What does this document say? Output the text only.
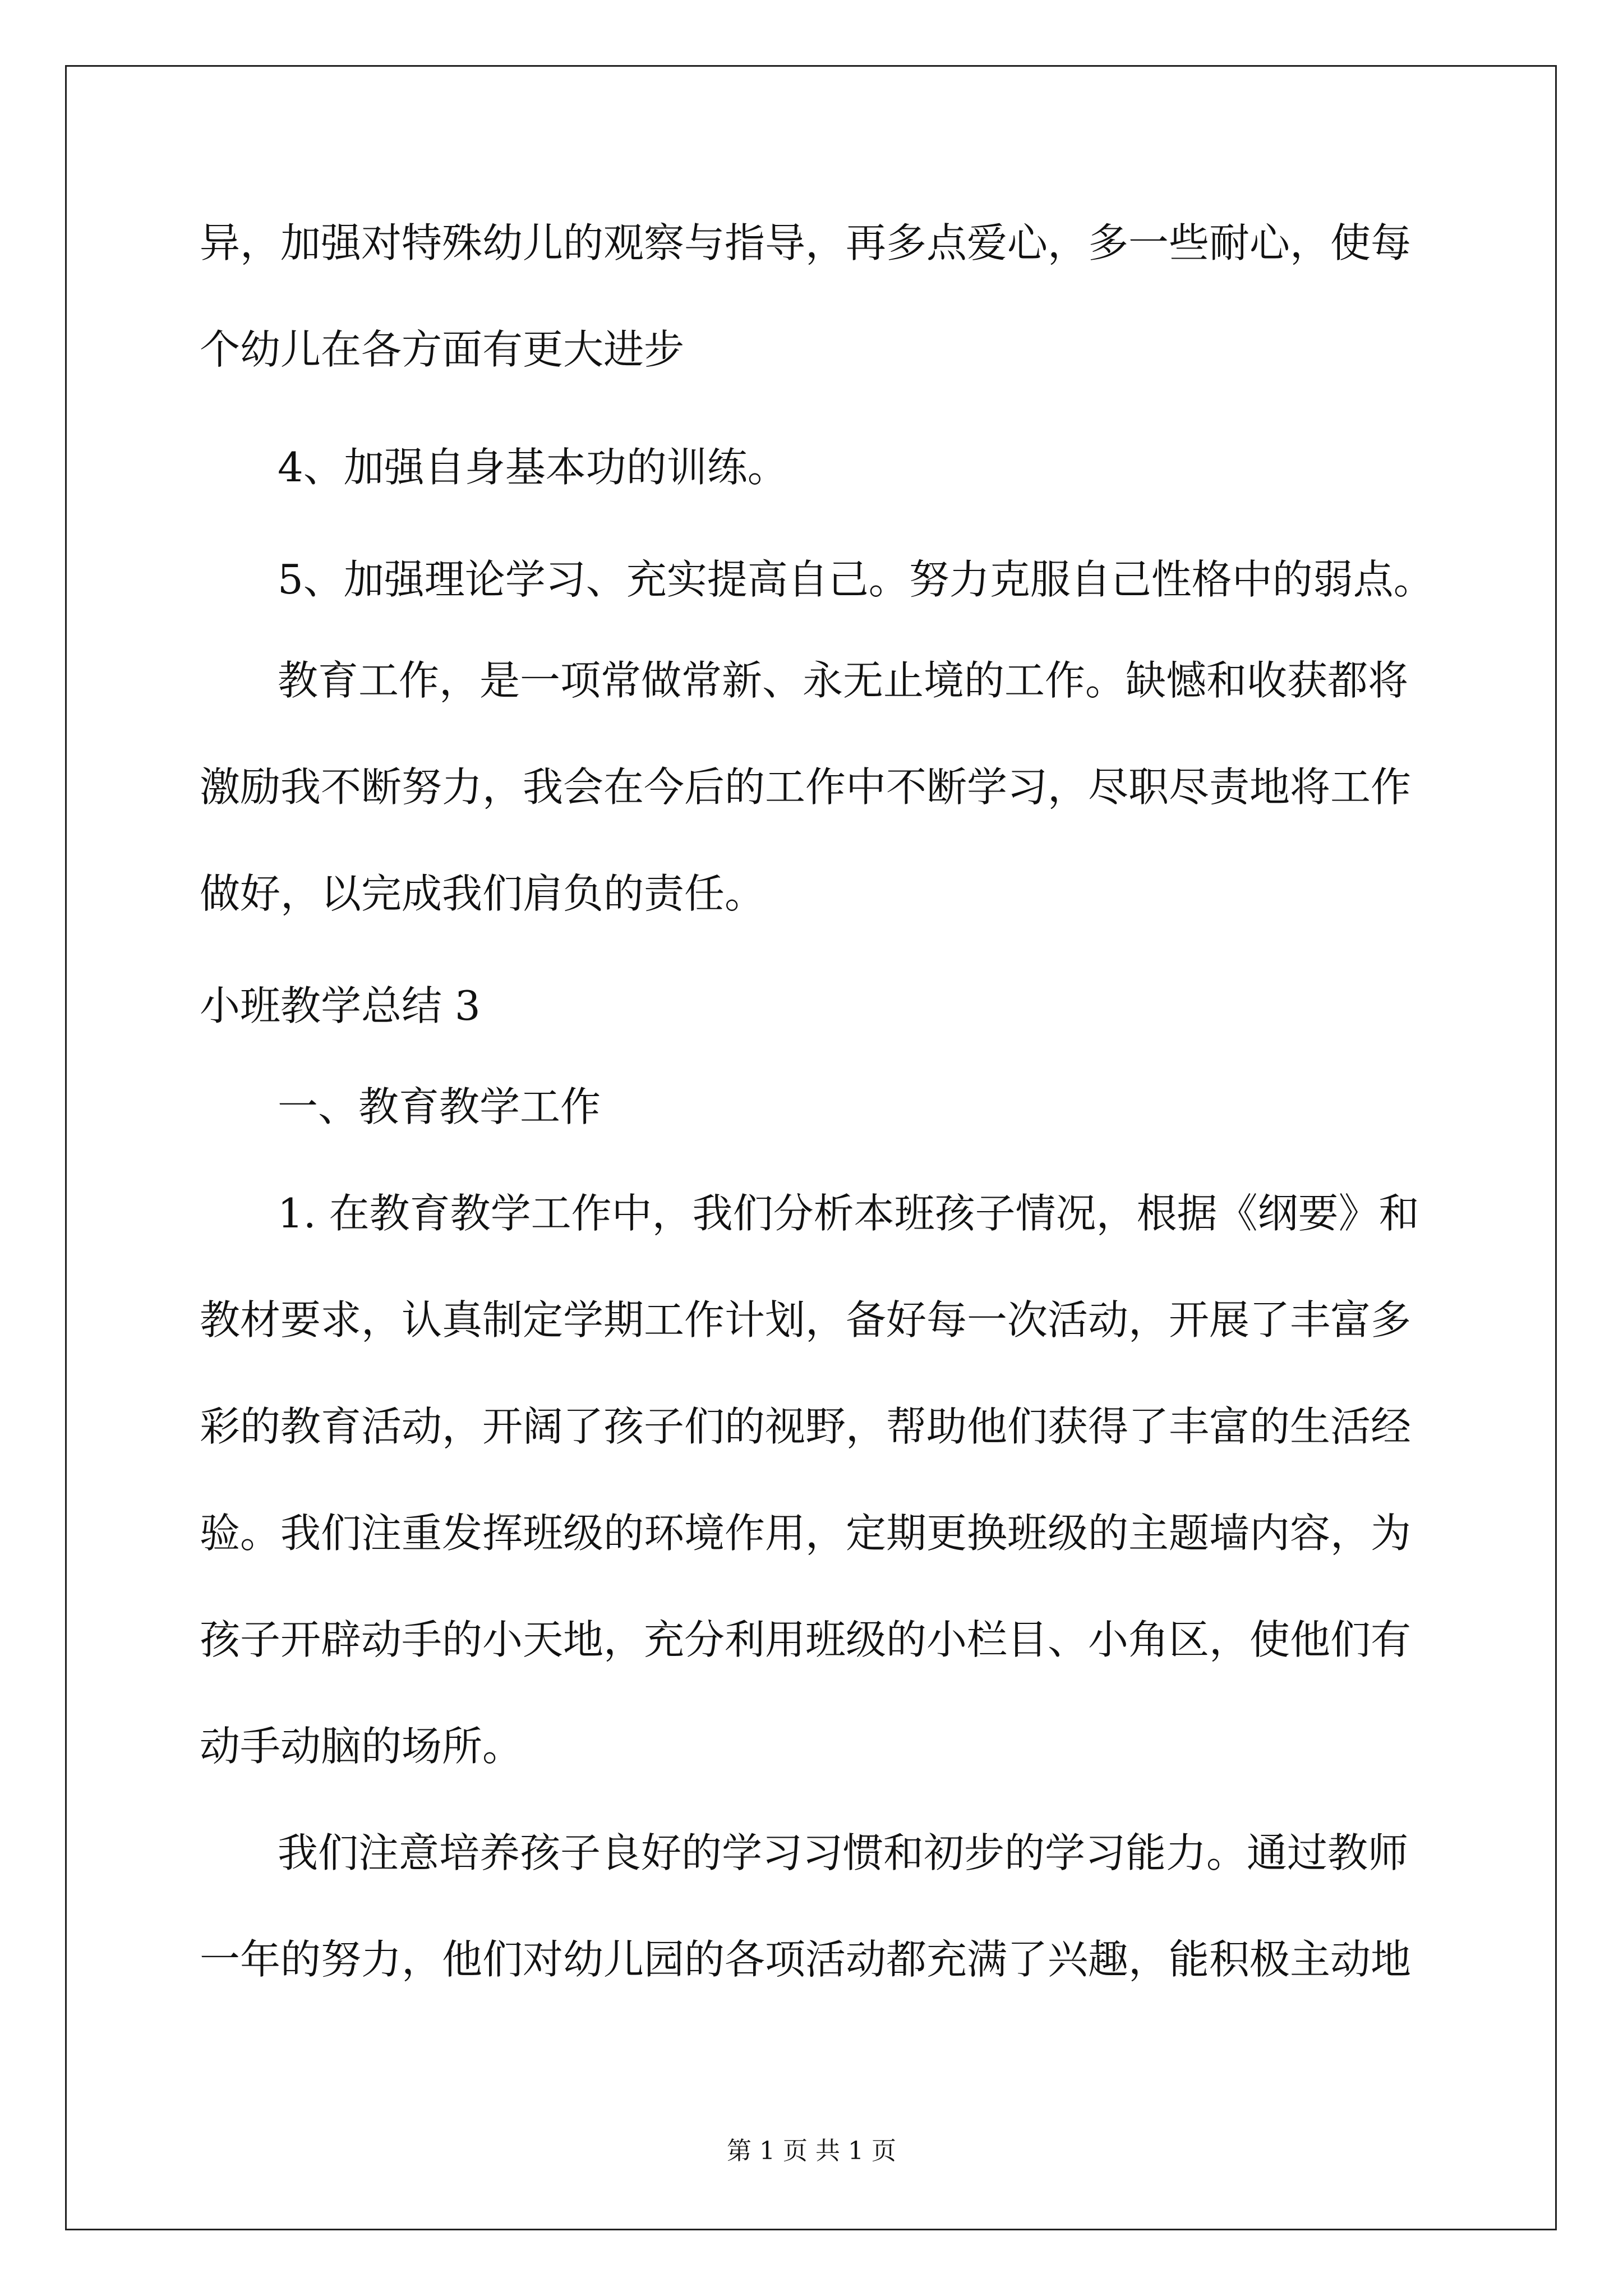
异，加强对特殊幼儿的观察与指导，再多点爱心，多一些耐心，使每

个幼儿在各方面有更大进步

4、加强自身基本功的训练。

5、加强理论学习、充实提高自己。努力克服自己性格中的弱点。

教育工作，是一项常做常新、永无止境的工作。缺憾和收获都将

激励我不断努力，我会在今后的工作中不断学习，尽职尽责地将工作

做好，以完成我们肩负的责任。

小班教学总结 3

一、教育教学工作

1. 在教育教学工作中，我们分析本班孩子情况，根据《纲要》和

教材要求，认真制定学期工作计划，备好每一次活动，开展了丰富多

彩的教育活动，开阔了孩子们的视野，帮助他们获得了丰富的生活经

验。我们注重发挥班级的环境作用，定期更换班级的主题墙内容，为

孩子开辟动手的小天地，充分利用班级的小栏目、小角区，使他们有

动手动脑的场所。

我们注意培养孩子良好的学习习惯和初步的学习能力。通过教师

一年的努力，他们对幼儿园的各项活动都充满了兴趣，能积极主动地

第 1 页 共 1 页
